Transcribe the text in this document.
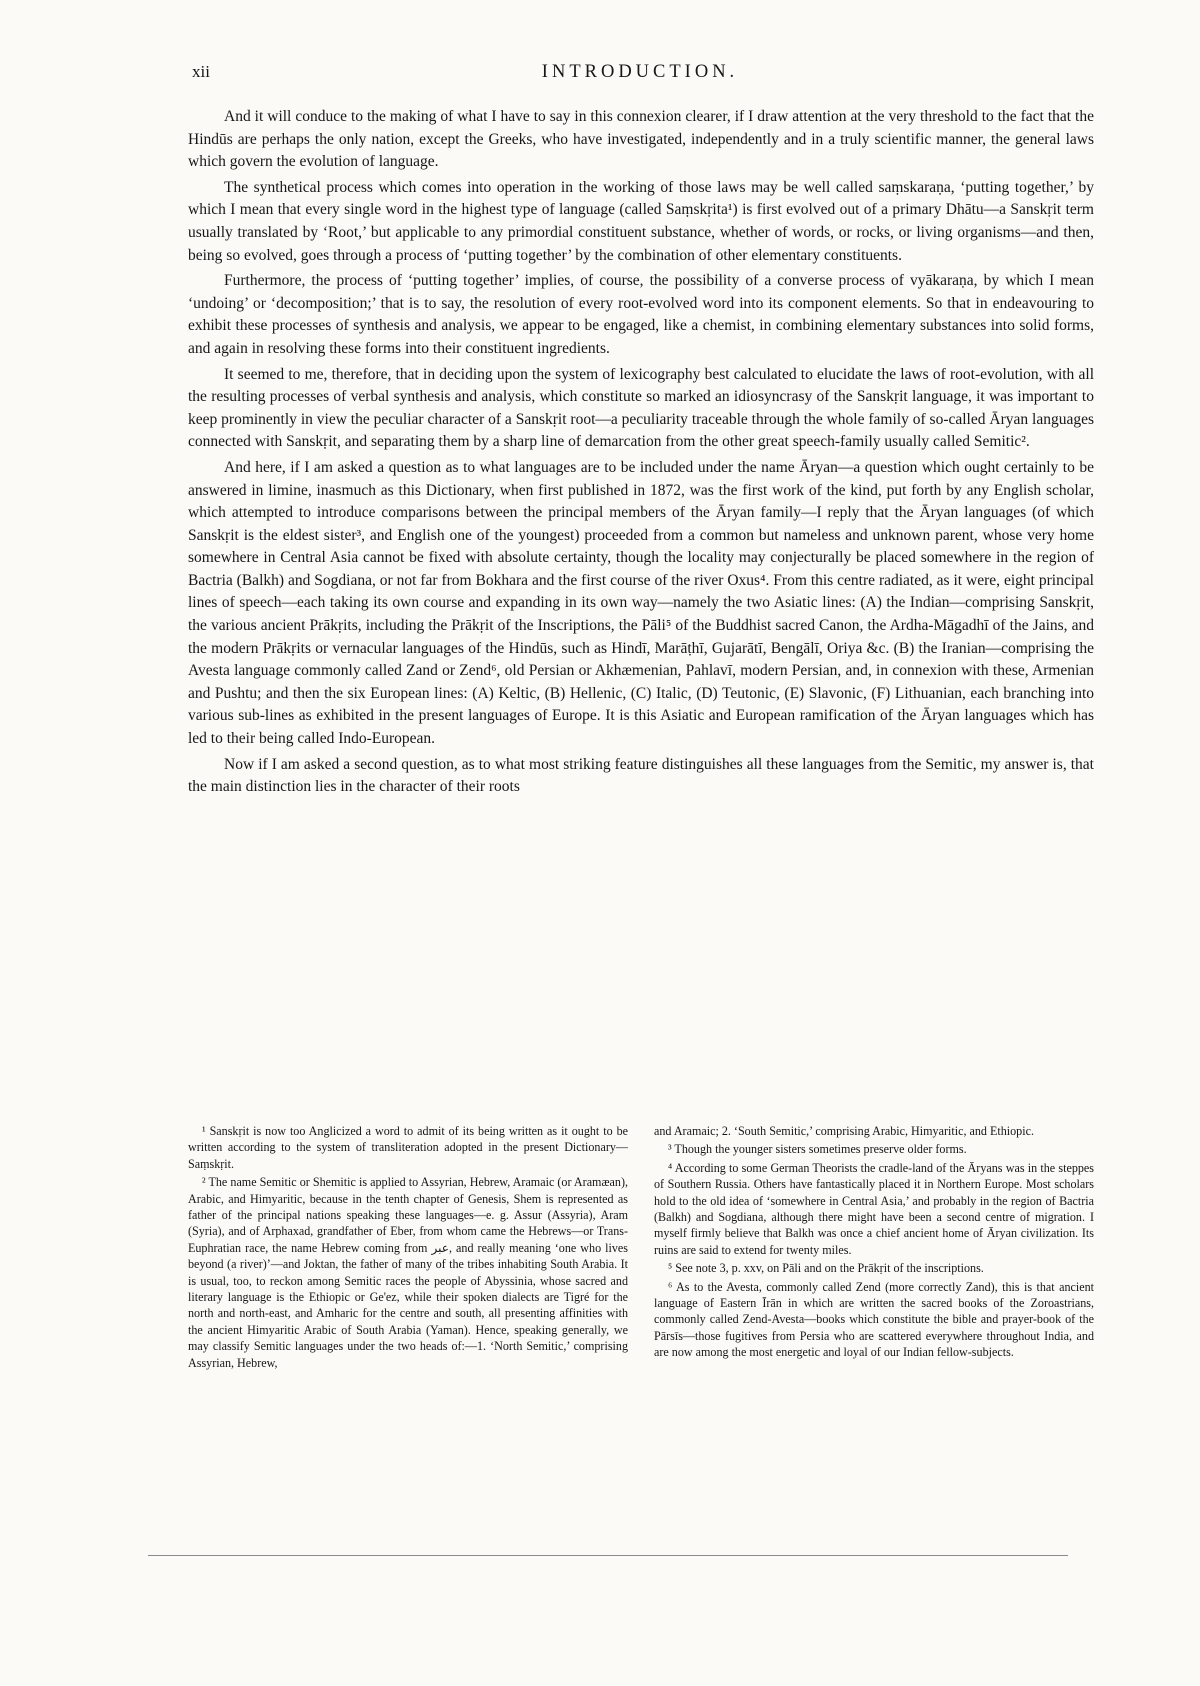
xii	INTRODUCTION.

And it will conduce to the making of what I have to say in this connexion clearer, if I draw attention at the very threshold to the fact that the Hindūs are perhaps the only nation, except the Greeks, who have investigated, independently and in a truly scientific manner, the general laws which govern the evolution of language.

The synthetical process which comes into operation in the working of those laws may be well called saṃskaraṇa, ‘putting together,’ by which I mean that every single word in the highest type of language (called Saṃskṛita¹) is first evolved out of a primary Dhātu—a Sanskṛit term usually translated by ‘Root,’ but applicable to any primordial constituent substance, whether of words, or rocks, or living organisms—and then, being so evolved, goes through a process of ‘putting together’ by the combination of other elementary constituents.

Furthermore, the process of ‘putting together’ implies, of course, the possibility of a converse process of vyākaraṇa, by which I mean ‘undoing’ or ‘decomposition;’ that is to say, the resolution of every root-evolved word into its component elements. So that in endeavouring to exhibit these processes of synthesis and analysis, we appear to be engaged, like a chemist, in combining elementary substances into solid forms, and again in resolving these forms into their constituent ingredients.

It seemed to me, therefore, that in deciding upon the system of lexicography best calculated to elucidate the laws of root-evolution, with all the resulting processes of verbal synthesis and analysis, which constitute so marked an idiosyncrasy of the Sanskṛit language, it was important to keep prominently in view the peculiar character of a Sanskṛit root—a peculiarity traceable through the whole family of so-called Āryan languages connected with Sanskṛit, and separating them by a sharp line of demarcation from the other great speech-family usually called Semitic².

And here, if I am asked a question as to what languages are to be included under the name Āryan—a question which ought certainly to be answered in limine, inasmuch as this Dictionary, when first published in 1872, was the first work of the kind, put forth by any English scholar, which attempted to introduce comparisons between the principal members of the Āryan family—I reply that the Āryan languages (of which Sanskṛit is the eldest sister³, and English one of the youngest) proceeded from a common but nameless and unknown parent, whose very home somewhere in Central Asia cannot be fixed with absolute certainty, though the locality may conjecturally be placed somewhere in the region of Bactria (Balkh) and Sogdiana, or not far from Bokhara and the first course of the river Oxus⁴. From this centre radiated, as it were, eight principal lines of speech—each taking its own course and expanding in its own way—namely the two Asiatic lines: (A) the Indian—comprising Sanskṛit, the various ancient Prākṛits, including the Prākṛit of the Inscriptions, the Pāli⁵ of the Buddhist sacred Canon, the Ardha-Māgadhī of the Jains, and the modern Prākṛits or vernacular languages of the Hindūs, such as Hindī, Marāṭhī, Gujarātī, Bengālī, Oriya &c. (B) the Iranian—comprising the Avesta language commonly called Zand or Zend⁶, old Persian or Akhæmenian, Pahlavī, modern Persian, and, in connexion with these, Armenian and Pushtu; and then the six European lines: (A) Keltic, (B) Hellenic, (C) Italic, (D) Teutonic, (E) Slavonic, (F) Lithuanian, each branching into various sub-lines as exhibited in the present languages of Europe. It is this Asiatic and European ramification of the Āryan languages which has led to their being called Indo-European.

Now if I am asked a second question, as to what most striking feature distinguishes all these languages from the Semitic, my answer is, that the main distinction lies in the character of their roots

¹ Sanskṛit is now too Anglicized a word to admit of its being written as it ought to be written according to the system of transliteration adopted in the present Dictionary—Saṃskṛit.

² The name Semitic or Shemitic is applied to Assyrian, Hebrew, Aramaic (or Aramæan), Arabic, and Himyaritic, because in the tenth chapter of Genesis, Shem is represented as father of the principal nations speaking these languages—e. g. Assur (Assyria), Aram (Syria), and of Arphaxad, grandfather of Eber, from whom came the Hebrews—or Trans-Euphratian race, the name Hebrew coming from عبر, and really meaning ‘one who lives beyond (a river)’—and Joktan, the father of many of the tribes inhabiting South Arabia. It is usual, too, to reckon among Semitic races the people of Abyssinia, whose sacred and literary language is the Ethiopic or Ge'ez, while their spoken dialects are Tigré for the north and north-east, and Amharic for the centre and south, all presenting affinities with the ancient Himyaritic Arabic of South Arabia (Yaman). Hence, speaking generally, we may classify Semitic languages under the two heads of:—1. ‘North Semitic,’ comprising Assyrian, Hebrew,

and Aramaic; 2. ‘South Semitic,’ comprising Arabic, Himyaritic, and Ethiopic.

³ Though the younger sisters sometimes preserve older forms.

⁴ According to some German Theorists the cradle-land of the Āryans was in the steppes of Southern Russia. Others have fantastically placed it in Northern Europe. Most scholars hold to the old idea of ‘somewhere in Central Asia,’ and probably in the region of Bactria (Balkh) and Sogdiana, although there might have been a second centre of migration. I myself firmly believe that Balkh was once a chief ancient home of Āryan civilization. Its ruins are said to extend for twenty miles.

⁵ See note 3, p. xxv, on Pāli and on the Prākṛit of the inscriptions.

⁶ As to the Avesta, commonly called Zend (more correctly Zand), this is that ancient language of Eastern Īrān in which are written the sacred books of the Zoroastrians, commonly called Zend-Avesta—books which constitute the bible and prayer-book of the Pārsīs—those fugitives from Persia who are scattered everywhere throughout India, and are now among the most energetic and loyal of our Indian fellow-subjects.
